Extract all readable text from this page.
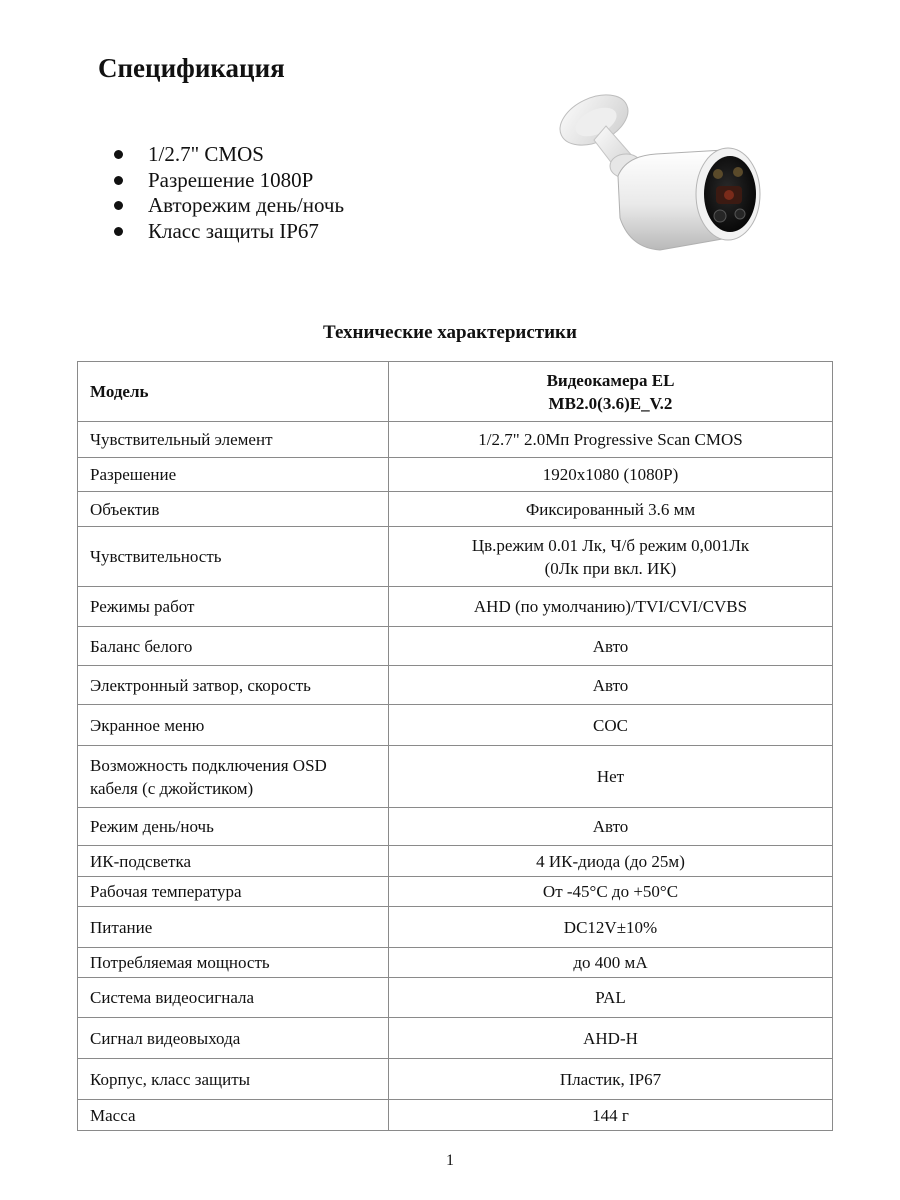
Спецификация
1/2.7" CMOS
Разрешение 1080P
Авторежим день/ночь
Класс защиты IP67
Технические характеристики
Модель	Видеокамера EL
MB2.0(3.6)E_V.2
Чувствительный элемент	1/2.7" 2.0Мп Progressive Scan CMOS
Разрешение	1920x1080 (1080P)
Объектив	Фиксированный 3.6 мм
Чувствительность	Цв.режим 0.01 Лк, Ч/б режим 0,001Лк
(0Лк при вкл. ИК)
Режимы работ	AHD (по умолчанию)/TVI/CVI/CVBS
Баланс белого	Авто
Электронный затвор, скорость	Авто
Экранное меню	COC
Возможность подключения OSD
кабеля (с джойстиком)	Нет
Режим день/ночь	Авто
ИК-подсветка	4 ИК-диода (до 25м)
Рабочая температура	От -45°C до +50°C
Питание	DC12V±10%
Потребляемая мощность	до 400 мА
Система видеосигнала	PAL
Сигнал видеовыхода	AHD-H
Корпус, класс защиты	Пластик, IP67
Масса	144 г
1
